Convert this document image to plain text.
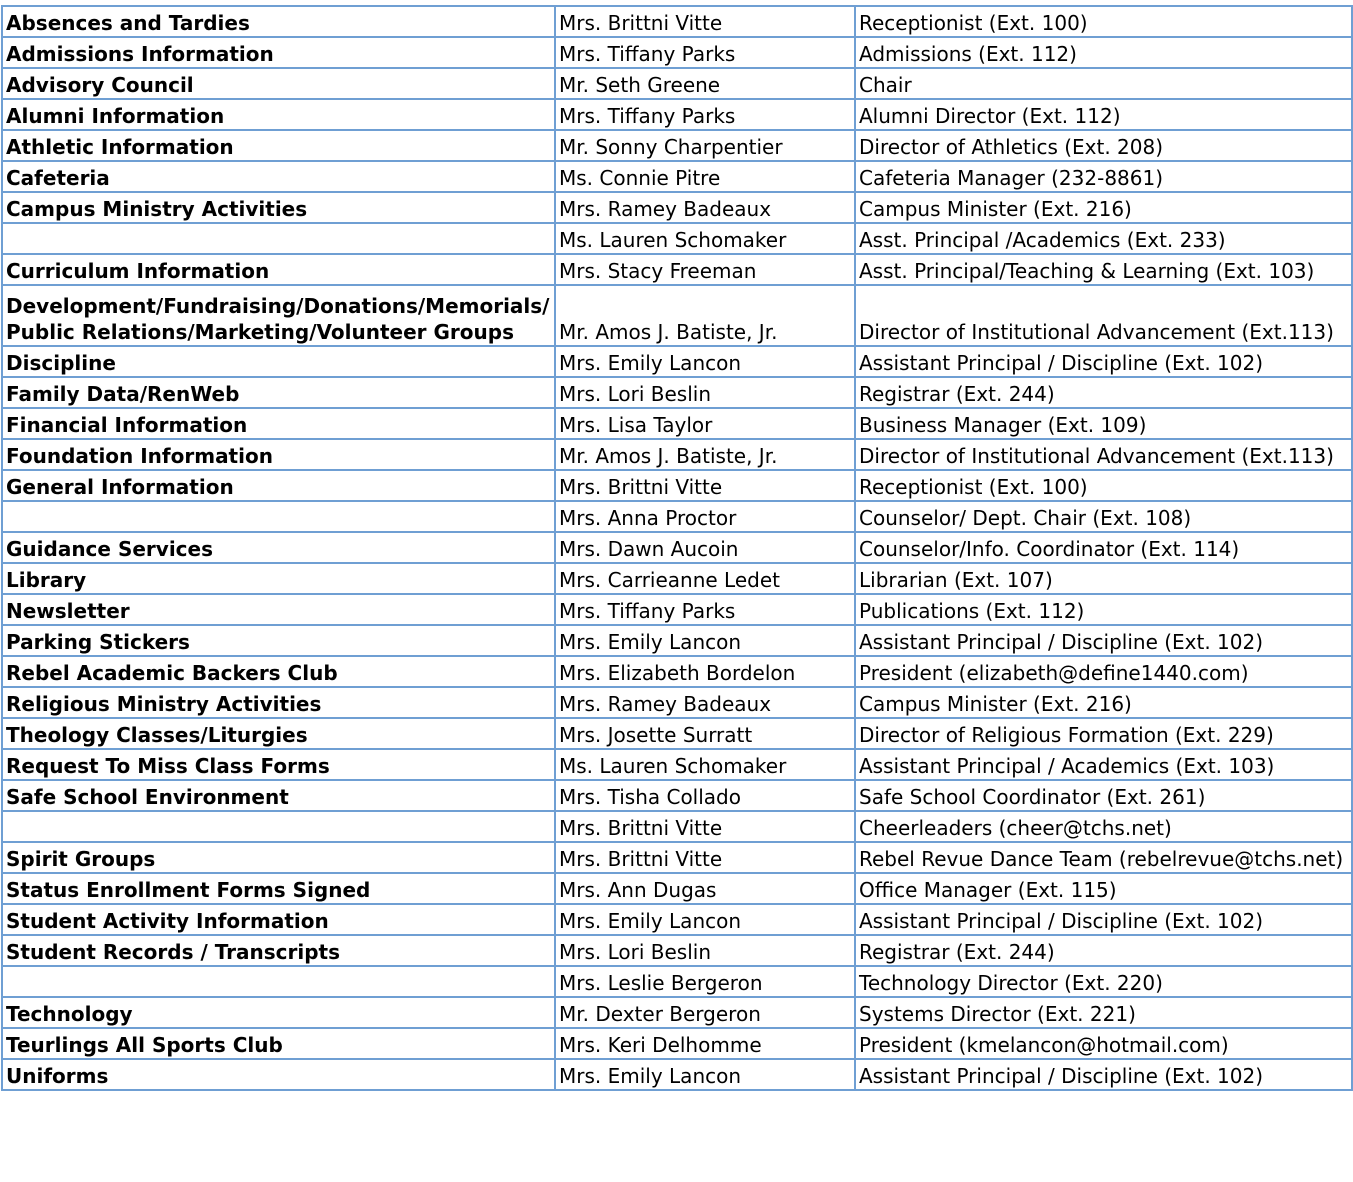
Absences and Tardies	Mrs. Brittni Vitte	Receptionist (Ext. 100)
Admissions Information	Mrs. Tiffany Parks	Admissions (Ext. 112)
Advisory Council	Mr. Seth Greene	Chair
Alumni Information	Mrs. Tiffany Parks	Alumni Director (Ext. 112)
Athletic Information	Mr. Sonny Charpentier	Director of Athletics (Ext. 208)
Cafeteria	Ms. Connie Pitre	Cafeteria Manager (232-8861)
Campus Ministry Activities	Mrs. Ramey Badeaux	Campus Minister (Ext. 216)
	Ms. Lauren Schomaker	Asst. Principal /Academics (Ext. 233)
Curriculum Information	Mrs. Stacy Freeman	Asst. Principal/Teaching & Learning (Ext. 103)
Development/Fundraising/Donations/Memorials/
Public Relations/Marketing/Volunteer Groups	Mr. Amos J. Batiste, Jr.	Director of Institutional Advancement (Ext.113)
Discipline	Mrs. Emily Lancon	Assistant Principal / Discipline (Ext. 102)
Family Data/RenWeb	Mrs. Lori Beslin	Registrar (Ext. 244)
Financial Information	Mrs. Lisa Taylor	Business Manager (Ext. 109)
Foundation Information	Mr. Amos J. Batiste, Jr.	Director of Institutional Advancement (Ext.113)
General Information	Mrs. Brittni Vitte	Receptionist (Ext. 100)
	Mrs. Anna Proctor	Counselor/ Dept. Chair (Ext. 108)
Guidance Services	Mrs. Dawn Aucoin	Counselor/Info. Coordinator (Ext. 114)
Library	Mrs. Carrieanne Ledet	Librarian (Ext. 107)
Newsletter	Mrs. Tiffany Parks	Publications (Ext. 112)
Parking Stickers	Mrs. Emily Lancon	Assistant Principal / Discipline (Ext. 102)
Rebel Academic Backers Club	Mrs. Elizabeth Bordelon	President (elizabeth@define1440.com)
Religious Ministry Activities	Mrs. Ramey Badeaux	Campus Minister (Ext. 216)
Theology Classes/Liturgies	Mrs. Josette Surratt	Director of Religious Formation (Ext. 229)
Request To Miss Class Forms	Ms. Lauren Schomaker	Assistant Principal / Academics (Ext. 103)
Safe School Environment	Mrs. Tisha Collado	Safe School Coordinator (Ext. 261)
	Mrs. Brittni Vitte	Cheerleaders (cheer@tchs.net)
Spirit Groups	Mrs. Brittni Vitte	Rebel Revue Dance Team (rebelrevue@tchs.net)
Status Enrollment Forms Signed	Mrs. Ann Dugas	Office Manager (Ext. 115)
Student Activity Information	Mrs. Emily Lancon	Assistant Principal / Discipline (Ext. 102)
Student Records / Transcripts	Mrs. Lori Beslin	Registrar (Ext. 244)
	Mrs. Leslie Bergeron	Technology Director (Ext. 220)
Technology	Mr. Dexter Bergeron	Systems Director (Ext. 221)
Teurlings All Sports Club	Mrs. Keri Delhomme	President (kmelancon@hotmail.com)
Uniforms	Mrs. Emily Lancon	Assistant Principal / Discipline (Ext. 102)
